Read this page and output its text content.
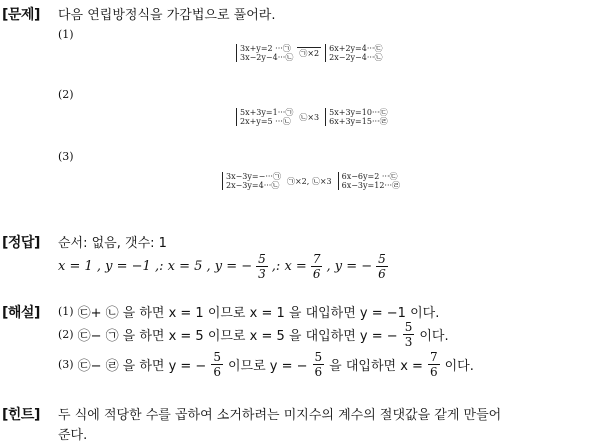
[문제] 다음 연립방정식을 가감법으로 풀어라.
(1)
3x+y=2 ···㉠
3x−2y−4···㉡ ㉠×2
6x+2y=4···㉢
2x−2y−4···㉡
(2)
5x+3y=1···㉠
2x+y=5 ···㉡	㉡×3 5x+3y=10···㉢
6x+3y=15···㉣
(3)
3x−3y=−···㉠
2x−3y=4···㉡ ㉠×2, ㉡×3 6x−6y=2 ···㉢
6x−3y=12···㉣
[정답] 순서: 없음, 갯수: 1
x = 1 , y = −1 ,: x = 5 , y = − $\frac{5}{3}$ ,: $x = \frac{7}{6}$ , y = − $\frac{5}{6}$
[해설] (1) ㉢+ ㉡ 을 하면 x = 1 이므로 x = 1 을 대입하면 y = −1 이다.
(2) ㉢− ㉠ 을 하면 x = 5 이므로 x = 5 을 대입하면 y = − $\frac{5}{3}$ 이다.
(3) ㉢− ㉣ 을 하면 y = − $\frac{5}{6}$ 이므로 y = − $\frac{5}{6}$ 을 대입하면 $x = \frac{7}{6}$ 이다.
[힌트] 두 식에 적당한 수를 곱하여 소거하려는 미지수의 계수의 절댓값을 같게 만들어
준다.
